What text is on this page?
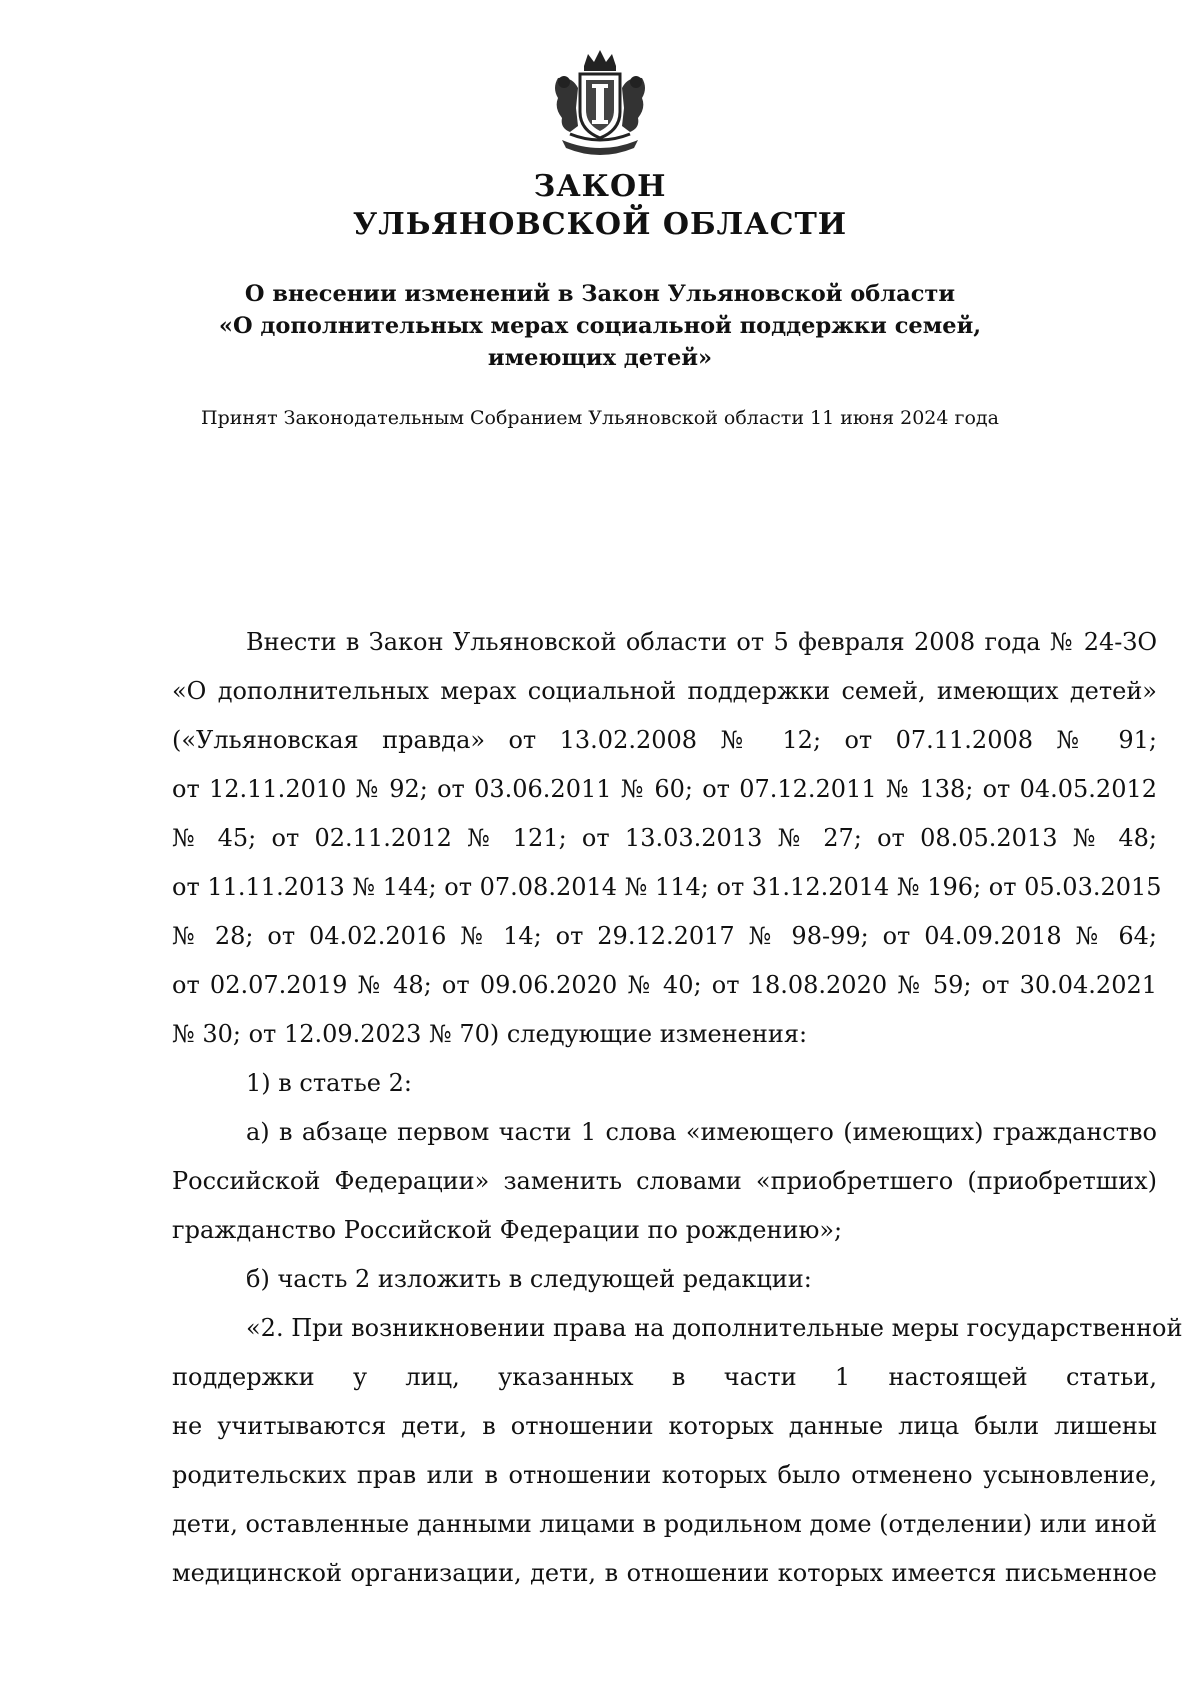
ЗАКОН
УЛЬЯНОВСКОЙ ОБЛАСТИ
О внесении изменений в Закон Ульяновской области
«О дополнительных мерах социальной поддержки семей,
имеющих детей»
Принят Законодательным Собранием Ульяновской области 11 июня 2024 года
Внести в Закон Ульяновской области от 5 февраля 2008 года № 24-ЗО
«О дополнительных мерах социальной поддержки семей, имеющих детей»
(«Ульяновская правда» от 13.02.2008 № 12; от 07.11.2008 № 91;
от 12.11.2010 № 92; от 03.06.2011 № 60; от 07.12.2011 № 138; от 04.05.2012
№ 45; от 02.11.2012 № 121; от 13.03.2013 № 27; от 08.05.2013 № 48;
от 11.11.2013 № 144; от 07.08.2014 № 114; от 31.12.2014 № 196; от 05.03.2015
№ 28; от 04.02.2016 № 14; от 29.12.2017 № 98-99; от 04.09.2018 № 64;
от 02.07.2019 № 48; от 09.06.2020 № 40; от 18.08.2020 № 59; от 30.04.2021
№ 30; от 12.09.2023 № 70) следующие изменения:
1) в статье 2:
а) в абзаце первом части 1 слова «имеющего (имеющих) гражданство
Российской Федерации» заменить словами «приобретшего (приобретших)
гражданство Российской Федерации по рождению»;
б) часть 2 изложить в следующей редакции:
«2. При возникновении права на дополнительные меры государственной
поддержки у лиц, указанных в части 1 настоящей статьи,
не учитываются дети, в отношении которых данные лица были лишены
родительских прав или в отношении которых было отменено усыновление,
дети, оставленные данными лицами в родильном доме (отделении) или иной
медицинской организации, дети, в отношении которых имеется письменное
